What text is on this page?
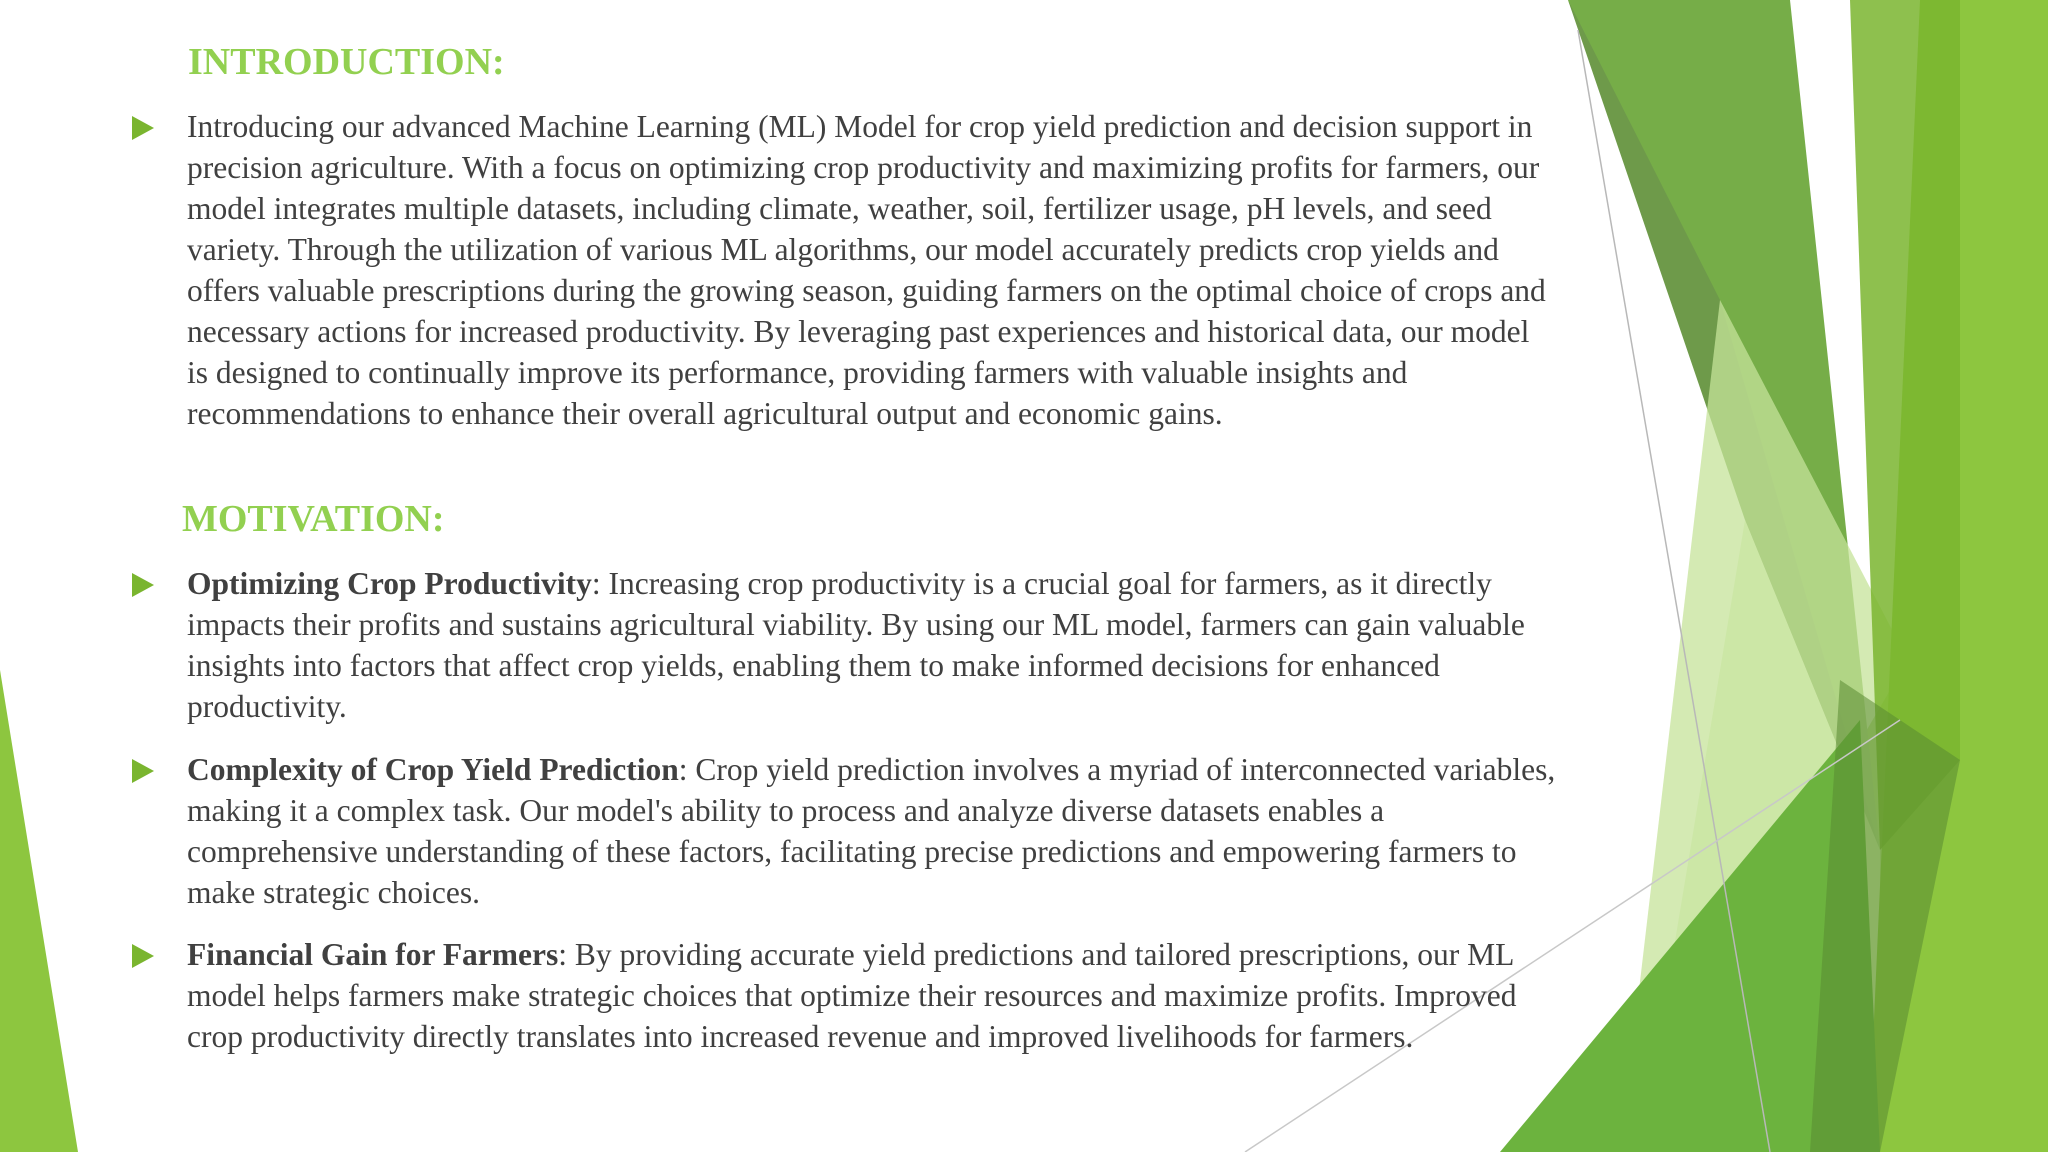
INTRODUCTION:

Introducing our advanced Machine Learning (ML) Model for crop yield prediction and decision support in precision agriculture. With a focus on optimizing crop productivity and maximizing profits for farmers, our model integrates multiple datasets, including climate, weather, soil, fertilizer usage, pH levels, and seed variety. Through the utilization of various ML algorithms, our model accurately predicts crop yields and offers valuable prescriptions during the growing season, guiding farmers on the optimal choice of crops and necessary actions for increased productivity. By leveraging past experiences and historical data, our model is designed to continually improve its performance, providing farmers with valuable insights and recommendations to enhance their overall agricultural output and economic gains.

MOTIVATION:

Optimizing Crop Productivity: Increasing crop productivity is a crucial goal for farmers, as it directly impacts their profits and sustains agricultural viability. By using our ML model, farmers can gain valuable insights into factors that affect crop yields, enabling them to make informed decisions for enhanced productivity.

Complexity of Crop Yield Prediction: Crop yield prediction involves a myriad of interconnected variables, making it a complex task. Our model's ability to process and analyze diverse datasets enables a comprehensive understanding of these factors, facilitating precise predictions and empowering farmers to make strategic choices.

Financial Gain for Farmers: By providing accurate yield predictions and tailored prescriptions, our ML model helps farmers make strategic choices that optimize their resources and maximize profits. Improved crop productivity directly translates into increased revenue and improved livelihoods for farmers.
